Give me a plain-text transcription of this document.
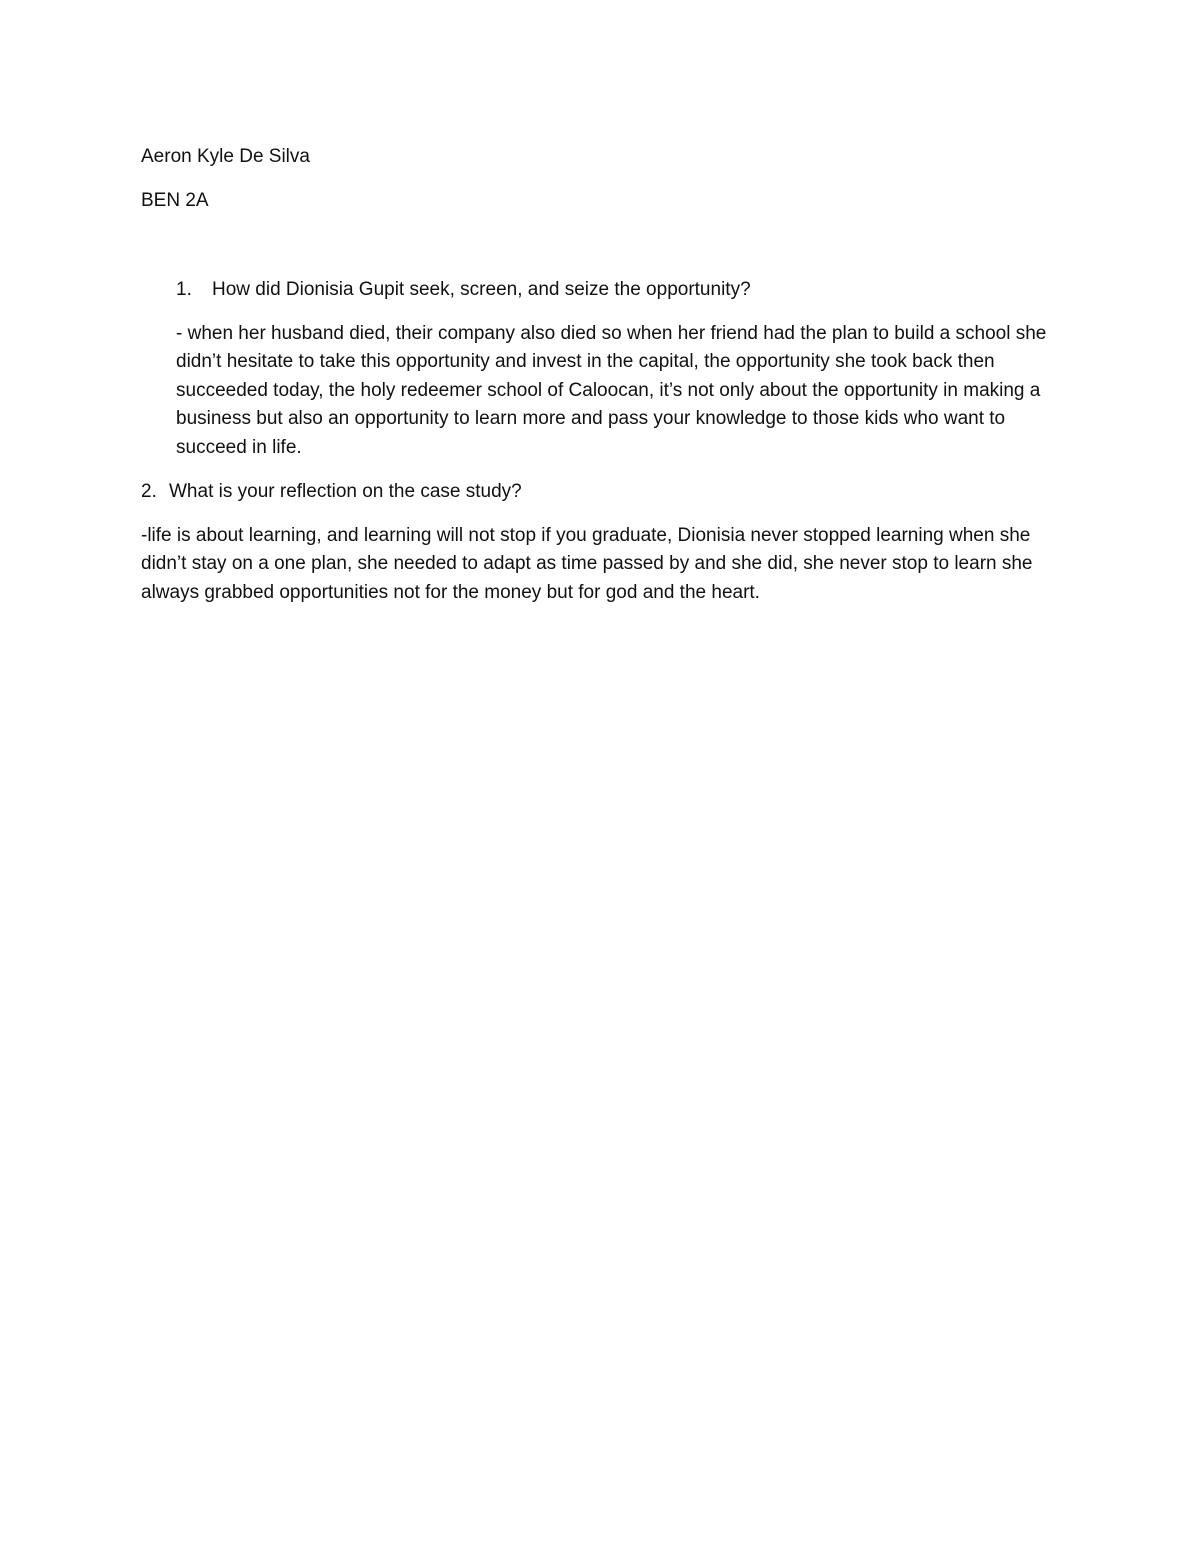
Aeron Kyle De Silva
BEN 2A
1. How did Dionisia Gupit seek, screen, and seize the opportunity?
- when her husband died, their company also died so when her friend had the plan to build a school she didn’t hesitate to take this opportunity and invest in the capital, the opportunity she took back then succeeded today, the holy redeemer school of Caloocan, it’s not only about the opportunity in making a business but also an opportunity to learn more and pass your knowledge to those kids who want to succeed in life.
2. What is your reflection on the case study?
-life is about learning, and learning will not stop if you graduate, Dionisia never stopped learning when she didn’t stay on a one plan, she needed to adapt as time passed by and she did, she never stop to learn she always grabbed opportunities not for the money but for god and the heart.
